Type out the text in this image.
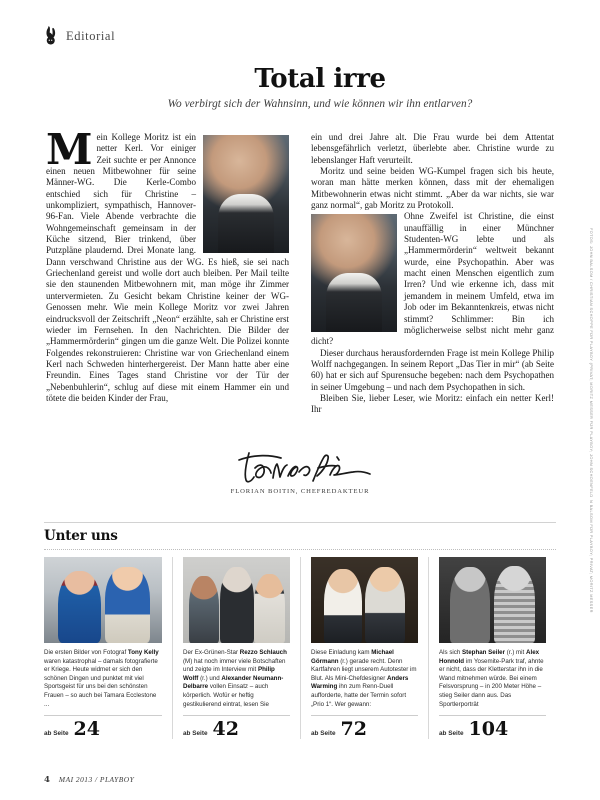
Editorial
Total irre
Wo verbirgt sich der Wahnsinn, und wie können wir ihn entlarven?

Mein Kollege Moritz ist ein netter Kerl. Vor einiger Zeit suchte er per Annonce einen neuen Mitbewohner für seine Männer-WG. Die Kerle-Combo entschied sich für Christine – unkompliziert, sympathisch, Hannover-96-Fan. Viele Abende verbrachte die Wohngemeinschaft gemeinsam in der Küche sitzend, Bier trinkend, über Putzpläne plaudernd. Drei Monate lang. Dann verschwand Christine aus der WG. Es hieß, sie sei nach Griechenland gereist und wolle dort auch bleiben. Per Mail teilte sie den staunenden Mitbewohnern mit, man möge ihr Zimmer untervermieten. Zu Gesicht bekam Christine keiner der WG-Genossen mehr. Wie mein Kollege Moritz vor zwei Jahren eindrucksvoll der Zeitschrift „Neon“ erzählte, sah er Christine erst wieder im Fernsehen. In den Nachrichten. Die Bilder der „Hammermörderin“ gingen um die ganze Welt. Die Polizei konnte Folgendes rekonstruieren: Christine war von Griechenland einem Kerl nach Schweden hinterhergereist. Der Mann hatte aber eine Freundin. Eines Tages stand Christine vor der Tür der „Nebenbuhlerin“, schlug auf diese mit einem Hammer ein und tötete die beiden Kinder der Frau,

ein und drei Jahre alt. Die Frau wurde bei dem Attentat lebensgefährlich verletzt, überlebte aber. Christine wurde zu lebenslanger Haft verurteilt.

Moritz und seine beiden WG-Kumpel fragen sich bis heute, woran man hätte merken können, dass mit der ehemaligen Mitbewohnerin etwas nicht stimmt. „Aber da war nichts, sie war ganz normal“, gab Moritz zu Protokoll.

Ohne Zweifel ist Christine, die einst unauffällig in einer Münchner Studenten-WG lebte und als „Hammermörderin“ weltweit bekannt wurde, eine Psychopathin. Aber was macht einen Menschen eigentlich zum Irren? Und wie erkenne ich, dass mit jemandem in meinem Umfeld, etwa im Job oder im Bekanntenkreis, etwas nicht stimmt? Schlimmer: Bin ich möglicherweise selbst nicht mehr ganz dicht?

Dieser durchaus herausfordernden Frage ist mein Kollege Philip Wolff nachgegangen. In seinem Report „Das Tier in mir“ (ab Seite 60) hat er sich auf Spurensuche begeben: nach dem Psychopathen in seiner Umgebung – und nach dem Psychopathen in sich.

Bleiben Sie, lieber Leser, wie Moritz: einfach ein netter Kerl! Ihr

FLORIAN BOITIN, CHEFREDAKTEUR	FOTOS: JOHN BALSOM / CHRISTIAN SCHOPPE FÜR PLAYBOY (PRIVAT; MORITZ MESSER FÜR PLAYBOY; JOHN SCHOENFELD
N BALSOM FÜR PLAYBOY; PRIVAT; MORITZ MESSER
Unter uns
Die ersten Bilder von Fotograf Tony Kelly waren katastrophal – damals fotografierte er Kriege. Heute widmet er sich den schönen Dingen und punktet mit viel Sportsgeist für uns bei den schönsten Frauen – so auch bei Tamara Ecclestone ...
ab Seite 24
Der Ex-Grünen-Star Rezzo Schlauch (M) hat noch immer viele Botschaften und zeigte im Interview mit Philip Wolff (r.) und Alexander Neumann-Delbarre vollen Einsatz – auch körperlich. Wofür er heftig gestikulierend eintrat, lesen Sie
ab Seite 42
Diese Einladung kam Michael Görmann (r.) gerade recht. Denn Kartfahren liegt unserem Autotester im Blut. Als Mini-Chefdesigner Anders Warming ihn zum Renn-Duell aufforderte, hatte der Termin sofort „Prio 1“. Wer gewann:
ab Seite 72
Als sich Stephan Seiler (r.) mit Alex Honnold im Yosemite-Park traf, ahnte er nicht, dass der Kletterstar ihn in die Wand mitnehmen würde. Bei einem Felsvorsprung – in 200 Meter Höhe – stieg Seiler dann aus. Das Sportlerporträt
ab Seite 104
4 MAI 2013 / PLAYBOY
